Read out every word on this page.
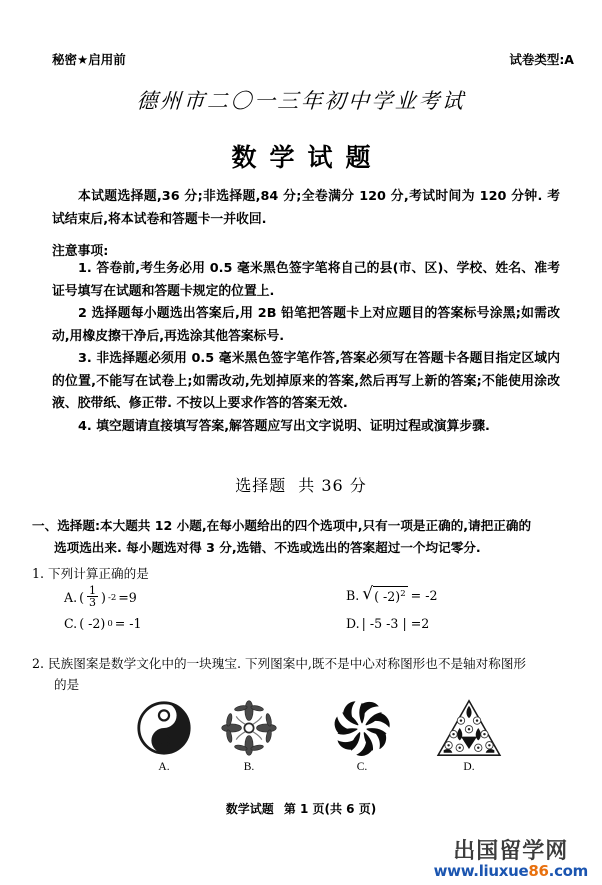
秘密★启用前	试卷类型:A
德州市二〇一三年初中学业考试
数学试题

本试题选择题,36 分;非选择题,84 分;全卷满分 120 分,考试时间为 120 分钟. 考试结束后,将本试卷和答题卡一并收回.

注意事项:

1. 答卷前,考生务必用 0.5 毫米黑色签字笔将自己的县(市、区)、学校、姓名、准考证号填写在试题和答题卡规定的位置上.

2 选择题每小题选出答案后,用 2B 铅笔把答题卡上对应题目的答案标号涂黑;如需改动,用橡皮擦干净后,再选涂其他答案标号.

3. 非选择题必须用 0.5 毫米黑色签字笔作答,答案必须写在答题卡各题目指定区域内的位置,不能写在试卷上;如需改动,先划掉原来的答案,然后再写上新的答案;不能使用涂改液、胶带纸、修正带. 不按以上要求作答的答案无效.

4. 填空题请直接填写答案,解答题应写出文字说明、证明过程或演算步骤.

选择题 共 36 分
一、选择题:本大题共 12 小题,在每小题给出的四个选项中,只有一项是正确的,请把正确的
选项选出来. 每小题选对得 3 分,选错、不选或选出的答案超过一个均记零分.
1. 下列计算正确的是
A. ( $\frac{1}{3}$ ) -2 =9	B. √ ( -2)$^2$ = -2
C. ( -2) 0 = -1	D. | -5 -3 | =2
2. 民族图案是数学文化中的一块瑰宝. 下列图案中,既不是中心对称图形也不是轴对称图形
的是
A.	B.	C.	D.
数学试题 第 1 页(共 6 页)
出国留学网
www.liuxue86.com
